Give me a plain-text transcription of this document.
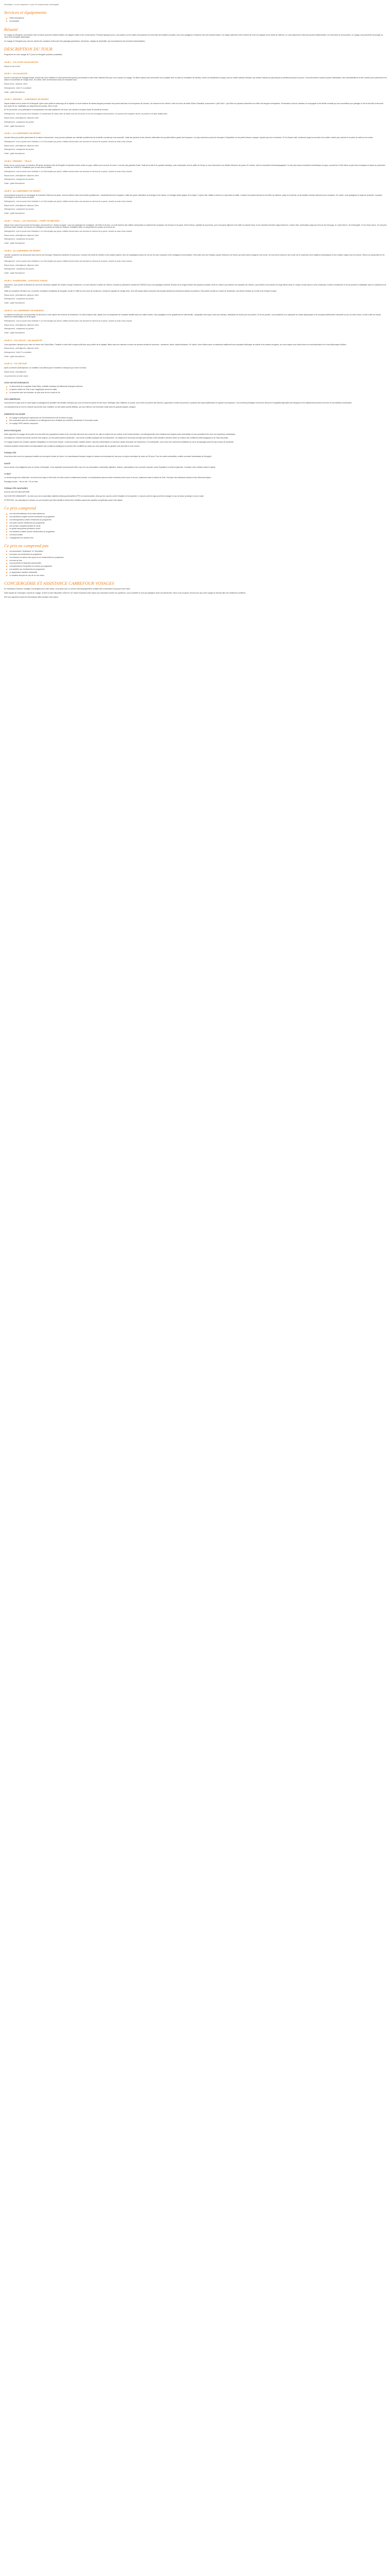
Description / Le prix comprend / Le prix ne comprend pas Conciergerie

Services et équipements
Guide francophone
Conciergerie
Résumé

En voyage en Mongolie, reconnectez avec la nature parmi les vallées boisées, les steppes arides et les monts sacrés ! Pendant quelques jours, vous partirez sur les pistes chevauchant à la rencontre des familles nomades, dont vous partagerez l'existence hors des sentiers battus. Les étapes alternent entre le désert de Gobi, les steppes et les forêts de mélèzes, où vous séjournerez dans des yourtes traditionnelles. De rencontres en découvertes, ce voyage vous permettra de plonger au cœur de la Mongolie authentique.

Un voyage en Mongolie pour vivre au rythme des nomades et découvrir des paysages grandioses, immenses, chargés de spiritualité, qui vous laisseront des souvenirs impérissables.

DESCRIPTION DU TOUR

Programme de votre voyage de 21 jours en Mongolie (autotours possibles)

JOUR 1 : VOL POUR OULAN-BATOR

Repas et nuit à bord.

JOUR 2 : OULAN-BATOR

Arrivée à l'aéroport de Chinggis Khaan. Accueil par votre chauffeur et votre guide francophone puis transfert à votre hôtel. Matinée libre pour vous reposer du voyage. En début d'après-midi, découverte de la capitale avec la visite du monastère de Gandan, centre du bouddhisme mongol, puis du musée national d'histoire, qui retrace l'histoire du pays depuis la préhistoire jusqu'à nos jours. Vous découvrirez ensuite la place Sukhbaatar, cœur administratif de la ville, bordée par le parlement et la statue monumentale de Gengis Khan. En soirée, dîner de bienvenue dans un restaurant local.

Repas inclus : déjeuner, dîner

Hébergement : hôtel 3* ou similaire

Guide : guide francophone

JOUR 3 : ERDENET – CAMPEMENT DE DÉSERT

Départ matinal vers le centre de la Mongolie. Après avoir quitté les faubourgs de la capitale, la route traverse de vastes steppes ponctuées de yourtes blanches et de troupeaux de chevaux, de moutons et de chèvres. Arrêt à la dune de sable d'Elsen Tasarkhai, surnommée « petit Gobi », qui s'étire sur plusieurs kilomètres au milieu des steppes verdoyantes. Promenade à dos de chameau en compagnie d'une famille nomade qui vous accueillera pour partager le thé au lait salé et découvrir leur mode de vie. Installation au campement de yourtes, dîner et nuit.

En fin de journée, vous participerez à la préparation d'un plat traditionnel, les buuz, des raviolis à la vapeur farcis de viande de mouton.

Hébergement : nuit en yourte chez l'habitant. Ce campement de désert offre de belles vues sur les dunes et sur les montagnes environnantes. Les yourtes sont équipées de lits, de poêles et de tapis traditionnels.

Repas inclus : petit-déjeuner, déjeuner, dîner

Hébergement : campement de yourtes

Guide : guide francophone

JOUR 4 : AU CAMPEMENT DE DÉSERT

Journée libre pour profiter pleinement de la nature environnante. Vous pourrez participer aux activités quotidiennes de la famille nomade qui vous accueille : traite des juments et des chèvres, fabrication des produits laitiers, garde des troupeaux. Les plus aventureux pourront s'essayer à l'équitation sur les petits chevaux mongols, réputés pour leur endurance. En fin d'après-midi, randonnée jusqu'au sommet d'une colline voisine pour admirer le coucher du soleil sur les dunes.

Hébergement : nuit en yourte chez l'habitant. Il ou 3 lits simples par yourte, toilettes sèches dans une structure en dehors de la yourte, douche au seau d'eau chaude.

Repas inclus : petit-déjeuner, déjeuner, dîner

Hébergement : campement de yourtes

Guide : guide francophone

JOUR 5 : ERDENET – TSUUJI

Route vers le nord du pays, en direction d'Erdenet, deuxième ville de Mongolie et important centre minier du pays, célèbre pour sa mine de cuivre, l'une des plus grandes d'Asie. Visite de la ville et du quartier historique, puis continuation vers la vallée de Tsuuji, où vous retrouverez une famille d'éleveurs de yacks. En chemin, arrêt au monastère d'Amarbayasgalant, l'un des plus beaux ensembles bouddhiques du pays, construit au XVIIIe siècle au pied des montagnes et classé au patrimoine mondial de l'UNESCO. Installation pour la nuit chez la famille.

Hébergement : nuit en yourte chez l'habitant. Il ou 3 lits simples par yourte, toilettes sèches dans une structure en dehors de la yourte, douche au seau d'eau chaude.

Repas inclus : petit-déjeuner, déjeuner, dîner

Hébergement : campement de yourtes

Guide : guide francophone

JOUR 6 : AU CAMPEMENT DE DÉSERT

Vous passerez la journée en compagnie de la famille d'éleveurs de yacks. Vous les aiderez dans leurs tâches quotidiennes : rassemblement des troupeaux, traite des yacks, fabrication du fromage et de l'aaruul, un fromage séché typique de la région. L'après-midi, balade à cheval ou à pied dans la vallée, à travers les prairies fleuries et les forêts de mélèzes, jusqu'à un petit lac où les familles viennent abreuver leurs troupeaux. En soirée, vous partagerez le repas de la famille, l'occasion d'échanges et de rires autour du poêle.

Hébergement : nuit en yourte chez l'habitant. Il ou 3 lits simples par yourte, toilettes sèches dans une structure en dehors de la yourte, douche au seau d'eau chaude.

Repas inclus : petit-déjeuner, déjeuner, dîner

Hébergement : campement de yourtes

Guide : guide francophone

JOUR 7 : TSUUJI – LAC KHUVSGUL – FORÊT DE MÉLÈZES

Départ vers l'ouest et la province de Khuvsgul, surnommée la « Suisse mongole » pour ses paysages de montagnes, de forêts et de lacs. La route traverse des vallées verdoyantes où paissent des troupeaux de chevaux et de yacks. Arrêt à Murun, capitale de la province, pour une pause déjeuner et la visite du marché local, où les nomades viennent s'approvisionner. L'après-midi, continuation jusqu'aux rives du lac Khuvsgul, la « perle bleue » de la Mongolie. Ce lac d'eau douce, l'un des plus profonds d'Asie centrale, est entouré de montagnes couvertes de forêts de mélèzes. Installation dans un campement de yourtes au bord du lac.

Hébergement : nuit en yourte chez l'habitant. Il ou 3 lits simples par yourte, toilettes sèches dans une structure en dehors de la yourte, douche au seau d'eau chaude.

Repas inclus : petit-déjeuner, déjeuner, dîner

Hébergement : campement de yourtes

Guide : guide francophone

JOUR 8 : AU CAMPEMENT DE DÉSERT

Journée consacrée à la découverte des rives du lac Khuvsgul. Randonnée pédestre le long du lac, à travers les forêts de mélèzes et les prairies alpines, avec de magnifiques points de vue sur les eaux turquoise et les montagnes environnantes. Rencontre avec les Tsaatan, peuple d'éleveurs de rennes qui vivent dans la taïga au nord du lac. Ils vous feront découvrir leur mode de vie ancestral, leurs traditions chamaniques et leur relation unique avec les rennes. Retour au campement en fin de journée.

Hébergement : nuit en yourte chez l'habitant. Il ou 3 lits simples par yourte, toilettes sèches dans une structure en dehors de la yourte, douche au seau d'eau chaude.

Repas inclus : petit-déjeuner, déjeuner, dîner

Hébergement : campement de yourtes

Guide : guide francophone

JOUR 9 : KHARKHORIN – KHOVSGOL KHAAN

Aujourd'hui, vous prenez la direction du sud et de l'ancienne capitale de l'empire mongol, Kharkhorin. La route traverse la vallée de l'Orkhon, inscrite au patrimoine mondial de l'UNESCO pour ses paysages culturels, témoins de la longue histoire des peuples nomades. Arrêt en chemin pour admirer les cascades de l'Orkhon, qui tombent d'une hauteur de vingt mètres dans un canyon creusé dans la roche volcanique. Arrivée à Kharkhorin en fin de journée et installation dans un campement de yourtes.

Visite du monastère d'Erdene Zuu, le premier monastère bouddhiste de Mongolie, fondé en 1586 sur les ruines de Karakorum, l'ancienne capitale de Gengis Khan. Ses 108 stupas blancs entourent des temples abritant de précieuses statues et peintures. Découverte ensuite du musée de Kharkhorin, qui retrace l'histoire de la ville et de l'empire mongol.

Repas inclus : petit-déjeuner, déjeuner, dîner

Hébergement : campement de yourtes

Guide : guide francophone

JOUR 10 : AU CAMPEMENT DE NOMADES

La matinée est libre pour vous permettre de découvrir à votre rythme les environs de Kharkhorin. En début d'après-midi, départ vers un campement de nomades installé dans une vallée voisine. Vous partagerez la vie quotidienne de cette famille : préparation des repas, soins aux animaux, fabrication du feutre pour les yourtes. En fin de journée, vous assisterez à un spectacle de chants diphoniques et de musique traditionnelle, interprété au son du morin khuur, la vièle à tête de cheval, instrument emblématique de la Mongolie.

Hébergement : nuit en yourte chez l'habitant. Il ou 3 lits simples par yourte, toilettes sèches dans une structure en dehors de la yourte, douche au seau d'eau chaude.

Repas inclus : petit-déjeuner, déjeuner, dîner

Hébergement : campement de yourtes

Guide : guide francophone

JOUR 11 : VOL KHOVD – OULAN-BATOR

Vous rejoindrez l'aéroport pour votre vol retour vers Oulan-Bator. Transfert à votre hôtel et après-midi libre pour profiter de la capitale, flâner dans ses marchés ou faire vos derniers achats de souvenirs : cachemire, feutre, objets artisanaux. En soirée, dîner d'adieu dans un restaurant traditionnel avec spectacle folklorique de chants et de danses mongoles, au cours duquel vous découvrirez les contorsionnistes et le chant diphonique khöömii.

Repas inclus : petit-déjeuner, déjeuner, dîner

Hébergement : hôtel 3* ou similaire

Guide : guide francophone

JOUR 12 : VOL RETOUR

Après un dernier petit-déjeuner, un chauffeur vous attend pour le transfert à l'aéroport pour votre vol retour.

Repas inclus : petit-déjeuner

Les points forts de votre circuit :

LIEUX INCONTOURNABLES
La découverte de la capitale Oulan-Bator, véritable mosaïque de bâtiments d'époques diverses
Le fameux désert de Gobi et ses magnifiques dunes de sable
La rencontre avec les nomades, au plus près de leur mode de vie
100% IMMERSION

Vous pensez le pays sous un autre angle en partageant le quotidien des familles nomades qui vous ouvriront les portes de leur foyer. Hébergés chez l'habitant, en yourte, vous vivrez au rythme des éleveurs, apprendrez à traire les juments, à préparer les repas traditionnels et à garder les troupeaux. Ces moments privilégiés vous feront découvrir l'hospitalité légendaire des Mongols et leur attachement profond à la terre et aux traditions ancestrales.

Les déplacements se font en véhicule tout-terrain avec chauffeur sur des pistes parfois difficiles, qui vous offriront une immersion totale dans les grands espaces mongols.

DIMENSION SOLIDAIRE
Un voyage à petit groupe respectueux de l'environnement et de la culture du pays
Des rencontres avec les nomades et un hébergement chez l'habitant qui contribue directement à l'économie locale
Un voyage 100% carbone compensé
INFOS PRATIQUES

Notre approche du voyage est de partir à la rencontre des populations locales et de vous faire découvrir leur mode de vie, dans le respect de leur culture et de l'environnement. Les hébergements chez l'habitant sont simples mais confortables et vous permettront de vivre une expérience authentique.

Les étapes en véhicule tout-terrain peuvent être longues, sur des pistes parfois cahoteuses ; une bonne condition physique est recommandée. Les distances et les temps de trajet sont donnés à titre indicatif et peuvent varier en fonction des conditions météorologiques et de l'état des pistes.

Ce voyage requiert une certaine capacité d'adaptation et d'ouverture d'esprit : confort sommaire, toilettes sèches, douches rudimentaires et nourriture simple font partie de l'expérience. En contrepartie, vous vivrez des moments inoubliables au cœur de paysages parmi les plus beaux de la planète.

Certaines activités mentionnées sont dépendantes des conditions climatiques et peuvent être modifiées sur place par votre guide afin de garantir votre sécurité et votre confort.

FORMALITÉS

Vous devez être muni d'un passeport valable six mois après la date de retour. Les ressortissants français, belges et suisses sont exemptés de visa pour un séjour touristique de moins de 30 jours. Pour les autres nationalités, veuillez consulter l'ambassade de Mongolie.

SANTÉ

Aucun vaccin n'est obligatoire pour se rendre en Mongolie. Il est cependant recommandé d'être à jour de vos vaccinations universelles (diphtérie, tétanos, poliomyélite) et de vous faire vacciner contre l'hépatite A et la fièvre typhoïde. Consultez votre médecin avant le départ.

CLIMAT

Le climat mongol est continental : les hivers sont longs et très froids, les étés courts et relativement chauds. Les températures peuvent varier fortement entre le jour et la nuit, notamment dans le désert de Gobi. Prévoyez des vêtements chauds et des vêtements légers.

Décalage horaire : +6h en été, +7h en hiver.

FORMALITÉS SANITAIRES

AUCUN VACCIN OBLIGATOIRE

VACCINS RECOMMANDÉS : la mise à jour de la vaccination diphtérie-tétanos-poliomyélite (DTP) est recommandée, ainsi que les vaccins contre l'hépatite A et la typhoïde. Le vaccin contre la rage peut être envisagé en cas de séjour prolongé en zone rurale.

ATTENTION : les informations ci-dessus ne sont données qu'à titre indicatif et doivent être vérifiées auprès des autorités compétentes avant votre départ.

Ce prix comprend
Les vols internationaux et les taxes aériennes
Les transferts et trajets comme mentionnés au programme
Les hébergements comme mentionnés au programme
Les repas comme mentionnés au programme
Une pension complète pendant le circuit
Un guide francophone pendant le circuit
Les activités et visites comme mentionnées au programme
Les taxes locales
L'engagement de carbone zéro
Ce prix ne comprend pas
Les assurances "Assistance" et "Annulation"
Les repas non mentionnés au programme
Les boissons en dehors des repas et non mentionnées au programme
Les frais de visa
Les pourboires et dépenses personnelles
L'encadrement et les guides non prévus au programme
Les activités non mentionnées au programme
Le supplément chambre individuelle
Le transfert aéroport en cas de vol non inclus
CONCIERGERIE ET ASSISTANCE CARREFOUR VOYAGES

En choisissant Carrefour Voyages Conciergerie pour votre séjour, vous optez pour un service d'accompagnement complet dès la réservation et jusqu'à votre retour.

Notre équipe de concierges, experts du voyage, se tient à votre disposition 24h/24 et 7j/7 avant et pendant votre séjour pour répondre à toutes vos questions, vous conseiller et vous accompagner dans vos démarches. Nous nous occupons de tout pour que votre voyage se déroule dans les meilleures conditions.

Elle vous apportera toutes les informations utiles pendant votre séjour.
